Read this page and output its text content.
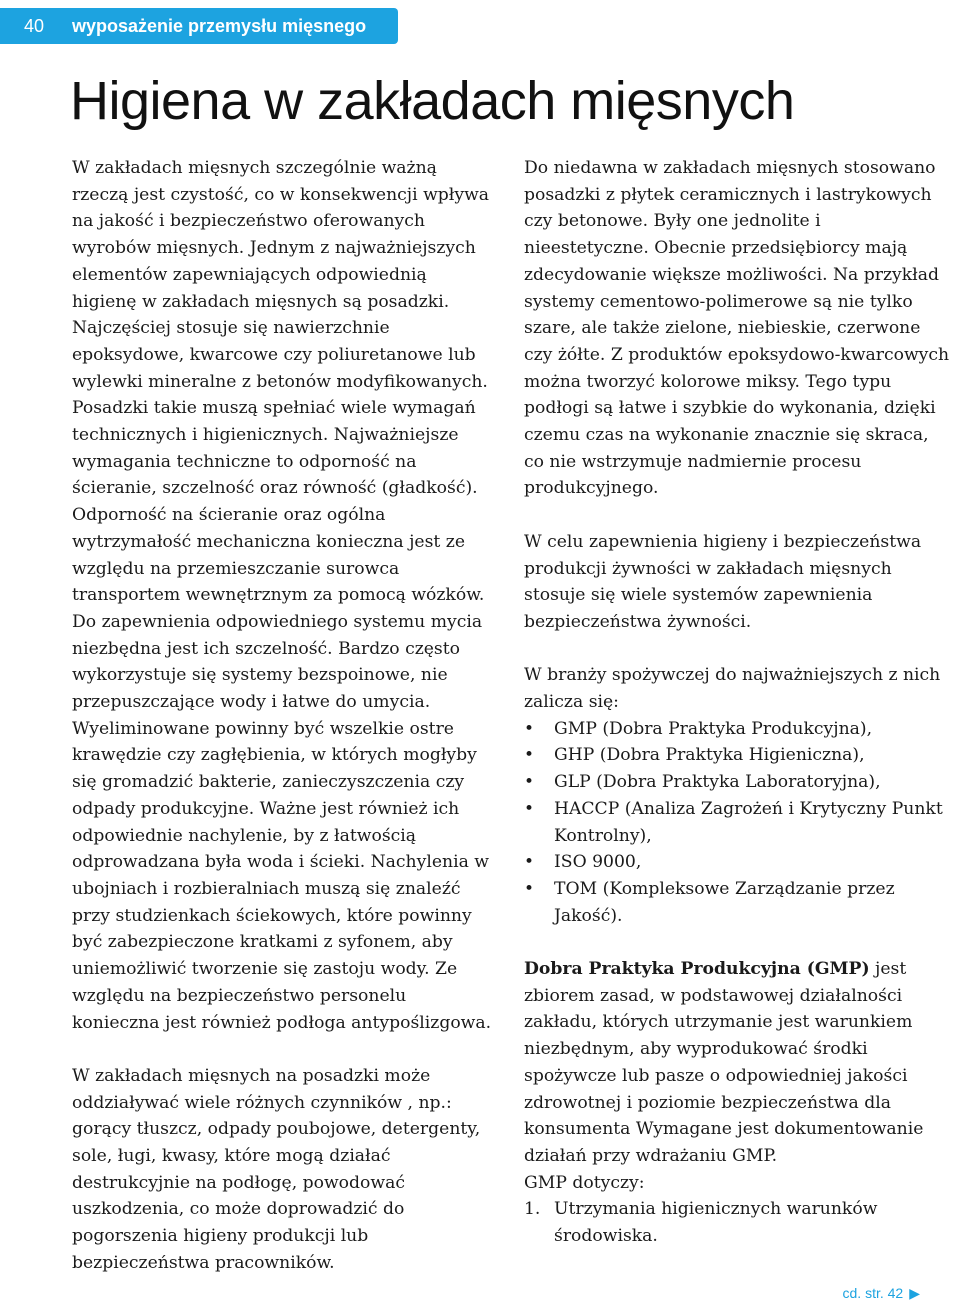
40 wyposażenie przemysłu mięsnego
Higiena w zakładach mięsnych

W zakładach mięsnych szczególnie ważną rzeczą jest czystość, co w konsekwencji wpływa na jakość i bezpieczeństwo oferowanych wyrobów mięsnych. Jednym z najważniejszych elementów zapewniających odpowiednią higienę w zakładach mięsnych są posadzki. Najczęściej stosuje się nawierzchnie epoksydowe, kwarcowe czy poliuretanowe lub wylewki mineralne z betonów modyfikowanych. Posadzki takie muszą spełniać wiele wymagań technicznych i higienicznych. Najważniejsze wymagania techniczne to odporność na ścieranie, szczelność oraz równość (gładkość). Odporność na ścieranie oraz ogólna wytrzymałość mechaniczna konieczna jest ze względu na przemieszczanie surowca transportem wewnętrznym za pomocą wózków. Do zapewnienia odpowiedniego systemu mycia niezbędna jest ich szczelność. Bardzo często wykorzystuje się systemy bezspoinowe, nie przepuszczające wody i łatwe do umycia. Wyeliminowane powinny być wszelkie ostre krawędzie czy zagłębienia, w których mogłyby się gromadzić bakterie, zanieczyszczenia czy odpady produkcyjne. Ważne jest również ich odpowiednie nachylenie, by z łatwością odprowadzana była woda i ścieki. Nachylenia w ubojniach i rozbieralniach muszą się znaleźć przy studzienkach ściekowych, które powinny być zabezpieczone kratkami z syfonem, aby uniemożliwić tworzenie się zastoju wody. Ze względu na bezpieczeństwo personelu konieczna jest również podłoga antypoślizgowa.

W zakładach mięsnych na posadzki może oddziaływać wiele różnych czynników , np.: gorący tłuszcz, odpady poubojowe, detergenty, sole, ługi, kwasy, które mogą działać destrukcyjnie na podłogę, powodować uszkodzenia, co może doprowadzić do pogorszenia higieny produkcji lub bezpieczeństwa pracowników.

Do niedawna w zakładach mięsnych stosowano posadzki z płytek ceramicznych i lastrykowych czy betonowe. Były one jednolite i nieestetyczne. Obecnie przedsiębiorcy mają zdecydowanie większe możliwości. Na przykład systemy cementowo-polimerowe są nie tylko szare, ale także zielone, niebieskie, czerwone czy żółte. Z produktów epoksydowo-kwarcowych można tworzyć kolorowe miksy. Tego typu podłogi są łatwe i szybkie do wykonania, dzięki czemu czas na wykonanie znacznie się skraca, co nie wstrzymuje nadmiernie procesu produkcyjnego.

W celu zapewnienia higieny i bezpieczeństwa produkcji żywności w zakładach mięsnych stosuje się wiele systemów zapewnienia bezpieczeństwa żywności.

W branży spożywczej do najważniejszych z nich zalicza się:

• GMP (Dobra Praktyka Produkcyjna),
• GHP (Dobra Praktyka Higieniczna),
• GLP (Dobra Praktyka Laboratoryjna),
• HACCP (Analiza Zagrożeń i Krytyczny Punkt Kontrolny),
• ISO 9000,
• TOM (Kompleksowe Zarządzanie przez Jakość).

Dobra Praktyka Produkcyjna (GMP) jest zbiorem zasad, w podstawowej działalności zakładu, których utrzymanie jest warunkiem niezbędnym, aby wyprodukować środki spożywcze lub pasze o odpowiedniej jakości zdrowotnej i poziomie bezpieczeństwa dla konsumenta Wymagane jest dokumentowanie działań przy wdrażaniu GMP.

GMP dotyczy:

1. Utrzymania higienicznych warunków środowiska.
cd. str. 42 ▶
